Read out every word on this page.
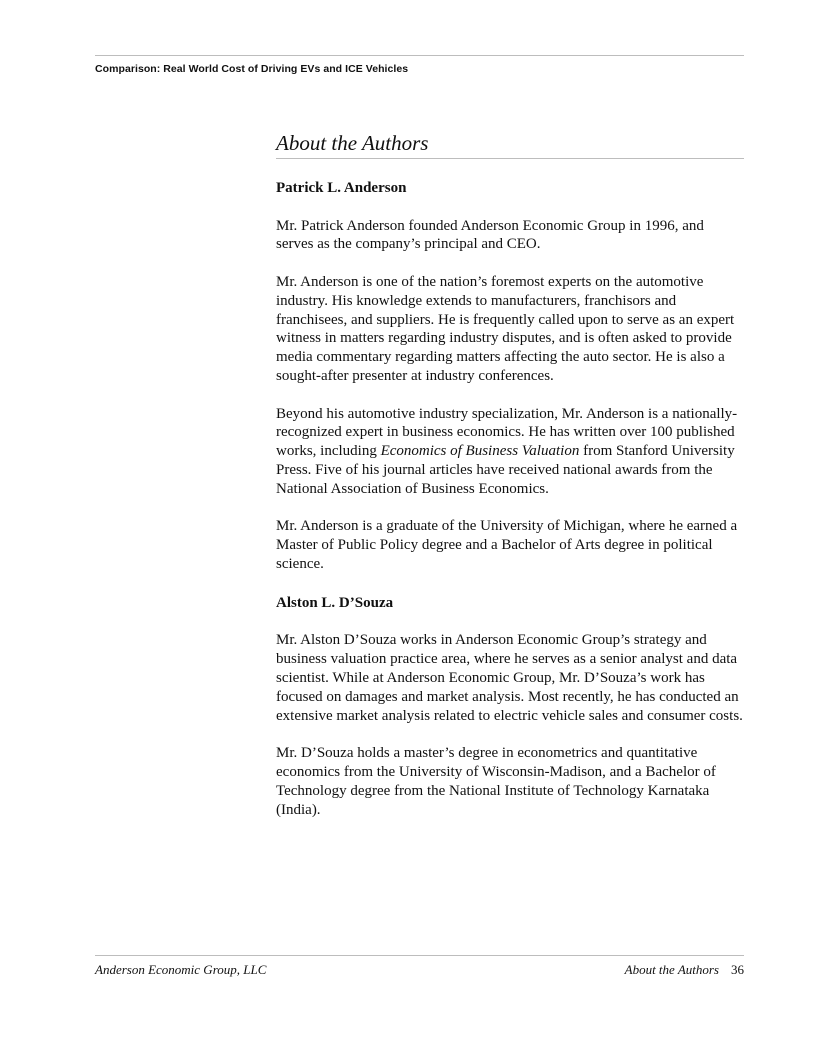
Comparison: Real World Cost of Driving EVs and ICE Vehicles
About the Authors

Patrick L. Anderson

Mr. Patrick Anderson founded Anderson Economic Group in 1996, and serves as the company’s principal and CEO.

Mr. Anderson is one of the nation’s foremost experts on the automotive industry. His knowledge extends to manufacturers, franchisors and franchisees, and suppliers. He is frequently called upon to serve as an expert witness in matters regarding industry disputes, and is often asked to provide media commentary regarding matters affecting the auto sector. He is also a sought-after presenter at industry conferences.

Beyond his automotive industry specialization, Mr. Anderson is a nationally-recognized expert in business economics. He has written over 100 published works, including Economics of Business Valuation from Stanford University Press. Five of his journal articles have received national awards from the National Association of Business Economics.

Mr. Anderson is a graduate of the University of Michigan, where he earned a Master of Public Policy degree and a Bachelor of Arts degree in political science.

Alston L. D’Souza

Mr. Alston D’Souza works in Anderson Economic Group’s strategy and business valuation practice area, where he serves as a senior analyst and data scientist. While at Anderson Economic Group, Mr. D’Souza’s work has focused on damages and market analysis. Most recently, he has conducted an extensive market analysis related to electric vehicle sales and consumer costs.

Mr. D’Souza holds a master’s degree in econometrics and quantitative economics from the University of Wisconsin-Madison, and a Bachelor of Technology degree from the National Institute of Technology Karnataka (India).

Anderson Economic Group, LLC	About the Authors 36
